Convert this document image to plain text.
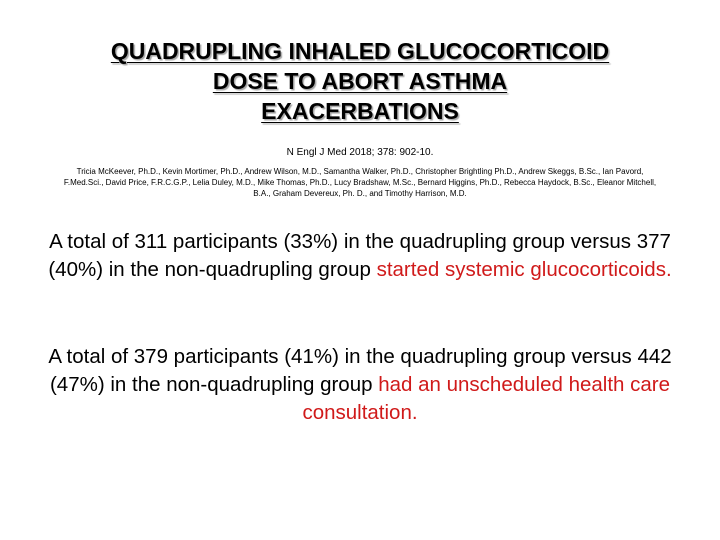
QUADRUPLING INHALED GLUCOCORTICOID
DOSE TO ABORT ASTHMA
EXACERBATIONS
N Engl J Med 2018; 378: 902-10.
Tricia McKeever, Ph.D., Kevin Mortimer, Ph.D., Andrew Wilson, M.D., Samantha Walker, Ph.D., Christopher Brightling Ph.D., Andrew Skeggs, B.Sc., Ian Pavord, F.Med.Sci., David Price, F.R.C.G.P., Lelia Duley, M.D., Mike Thomas, Ph.D., Lucy Bradshaw, M.Sc., Bernard Higgins, Ph.D., Rebecca Haydock, B.Sc., Eleanor Mitchell, B.A., Graham Devereux, Ph. D., and Timothy Harrison, M.D.
A total of 311 participants (33%) in the quadrupling group versus 377 (40%) in the non-quadrupling group started systemic glucocorticoids.
A total of 379 participants (41%) in the quadrupling group versus 442 (47%) in the non-quadrupling group had an unscheduled health care consultation.
